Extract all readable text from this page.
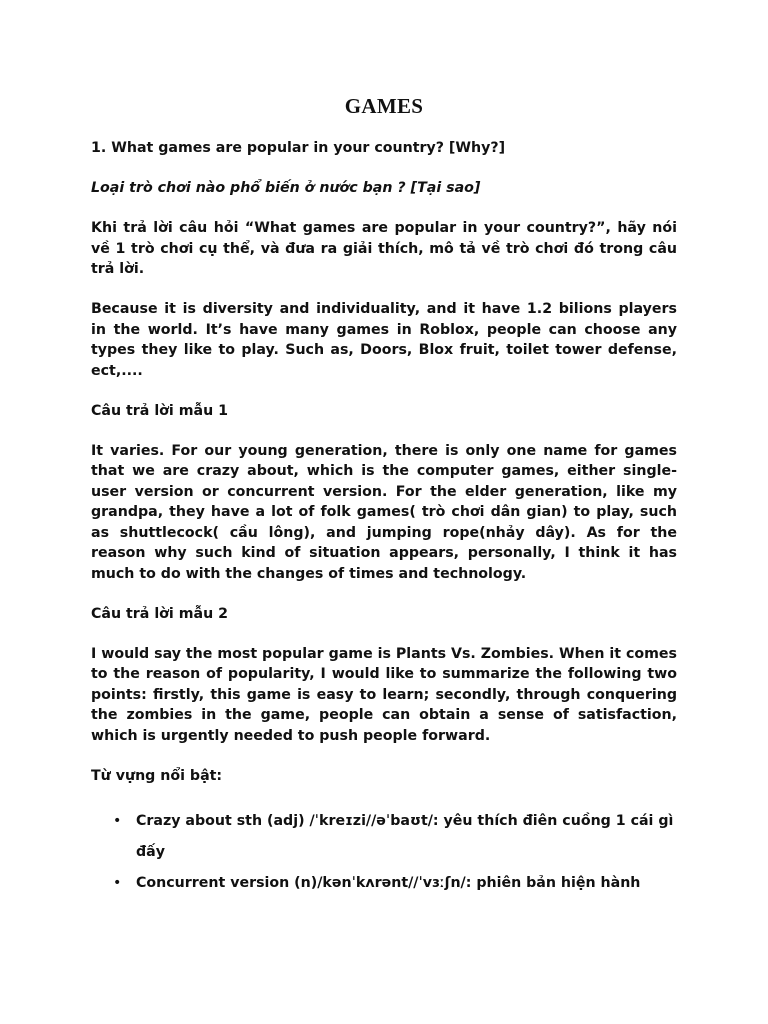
GAMES

1. What games are popular in your country? [Why?]

Loại trò chơi nào phổ biến ở nước bạn ? [Tại sao]

Khi trả lời câu hỏi “What games are popular in your country?”, hãy nói về 1 trò chơi cụ thể, và đưa ra giải thích, mô tả về trò chơi đó trong câu trả lời.

Because it is diversity and individuality, and it have 1.2 bilions players in the world. It’s have many games in Roblox, people can choose any types they like to play. Such as, Doors, Blox fruit, toilet tower defense, ect,....

Câu trả lời mẫu 1

It varies. For our young generation, there is only one name for games that we are crazy about, which is the computer games, either single-user version or concurrent version. For the elder generation, like my grandpa, they have a lot of folk games( trò chơi dân gian) to play, such as shuttlecock( cầu lông), and jumping rope(nhảy dây). As for the reason why such kind of situation appears, personally, I think it has much to do with the changes of times and technology.

Câu trả lời mẫu 2

I would say the most popular game is Plants Vs. Zombies. When it comes to the reason of popularity, I would like to summarize the following two points: firstly, this game is easy to learn; secondly, through conquering the zombies in the game, people can obtain a sense of satisfaction, which is urgently needed to push people forward.

Từ vựng nổi bật:

• Crazy about sth (adj) /ˈkreɪzi//əˈbaʊt/: yêu thích điên cuồng 1 cái gì đấy
• Concurrent version (n)/kənˈkʌrənt//ˈvɜːʃn/: phiên bản hiện hành
